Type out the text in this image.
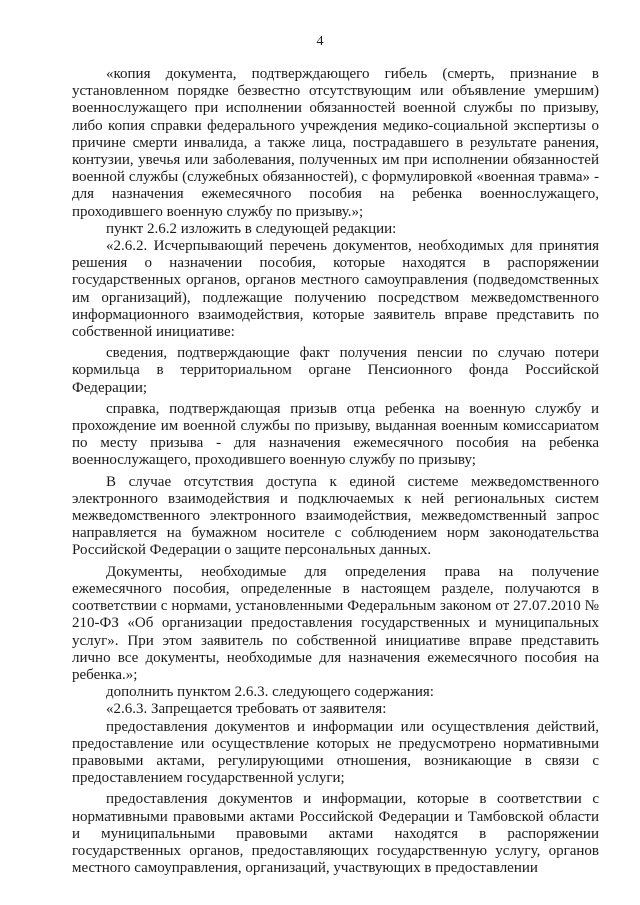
4

«копия документа, подтверждающего гибель (смерть, признание в установленном порядке безвестно отсутствующим или объявление умершим) военнослужащего при исполнении обязанностей военной службы по призыву, либо копия справки федерального учреждения медико-социальной экспертизы о причине смерти инвалида, а также лица, пострадавшего в результате ранения, контузии, увечья или заболевания, полученных им при исполнении обязанностей военной службы (служебных обязанностей), с формулировкой «военная травма» - для назначения ежемесячного пособия на ребенка военнослужащего, проходившего военную службу по призыву.»;

пункт 2.6.2 изложить в следующей редакции:

«2.6.2. Исчерпывающий перечень документов, необходимых для принятия решения о назначении пособия, которые находятся в распоряжении государственных органов, органов местного самоуправления (подведомственных им организаций), подлежащие получению посредством межведомственного информационного взаимодействия, которые заявитель вправе представить по собственной инициативе:

сведения, подтверждающие факт получения пенсии по случаю потери кормильца в территориальном органе Пенсионного фонда Российской Федерации;

справка, подтверждающая призыв отца ребенка на военную службу и прохождение им военной службы по призыву, выданная военным комиссариатом по месту призыва - для назначения ежемесячного пособия на ребенка военнослужащего, проходившего военную службу по призыву;

В случае отсутствия доступа к единой системе межведомственного электронного взаимодействия и подключаемых к ней региональных систем межведомственного электронного взаимодействия, межведомственный запрос направляется на бумажном носителе с соблюдением норм законодательства Российской Федерации о защите персональных данных.

Документы, необходимые для определения права на получение ежемесячного пособия, определенные в настоящем разделе, получаются в соответствии с нормами, установленными Федеральным законом от 27.07.2010 № 210-ФЗ «Об организации предоставления государственных и муниципальных услуг». При этом заявитель по собственной инициативе вправе представить лично все документы, необходимые для назначения ежемесячного пособия на ребенка.»;

дополнить пунктом 2.6.3. следующего содержания:

«2.6.3. Запрещается требовать от заявителя:

предоставления документов и информации или осуществления действий, предоставление или осуществление которых не предусмотрено нормативными правовыми актами, регулирующими отношения, возникающие в связи с предоставлением государственной услуги;

предоставления документов и информации, которые в соответствии с нормативными правовыми актами Российской Федерации и Тамбовской области и муниципальными правовыми актами находятся в распоряжении государственных органов, предоставляющих государственную услугу, органов местного самоуправления, организаций, участвующих в предоставлении
